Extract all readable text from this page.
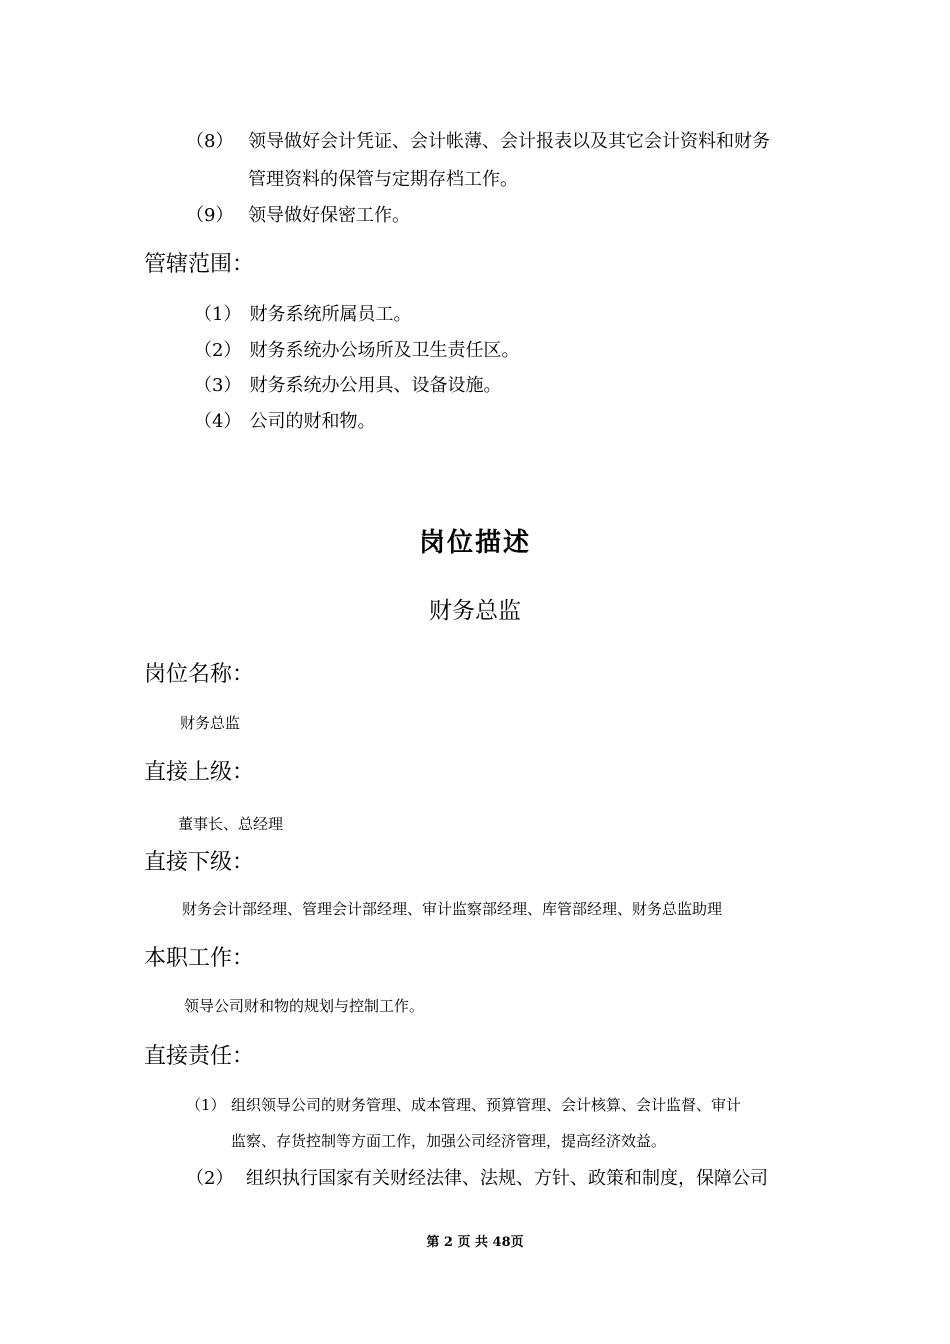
（8） 领导做好会计凭证、会计帐薄、会计报表以及其它会计资料和财务
管理资料的保管与定期存档工作。
（9） 领导做好保密工作。
管辖范围：
（1） 财务系统所属员工。
（2） 财务系统办公场所及卫生责任区。
（3） 财务系统办公用具、设备设施。
（4） 公司的财和物。
岗位描述
财务总监
岗位名称：
财务总监
直接上级：
董事长、总经理
直接下级：
财务会计部经理、管理会计部经理、审计监察部经理、库管部经理、财务总监助理
本职工作：
领导公司财和物的规划与控制工作。
直接责任：
（1） 组织领导公司的财务管理、成本管理、预算管理、会计核算、会计监督、审计
监察、存货控制等方面工作，加强公司经济管理，提高经济效益。
（2） 组织执行国家有关财经法律、法规、方针、政策和制度，保障公司
第 2 页 共 48页
